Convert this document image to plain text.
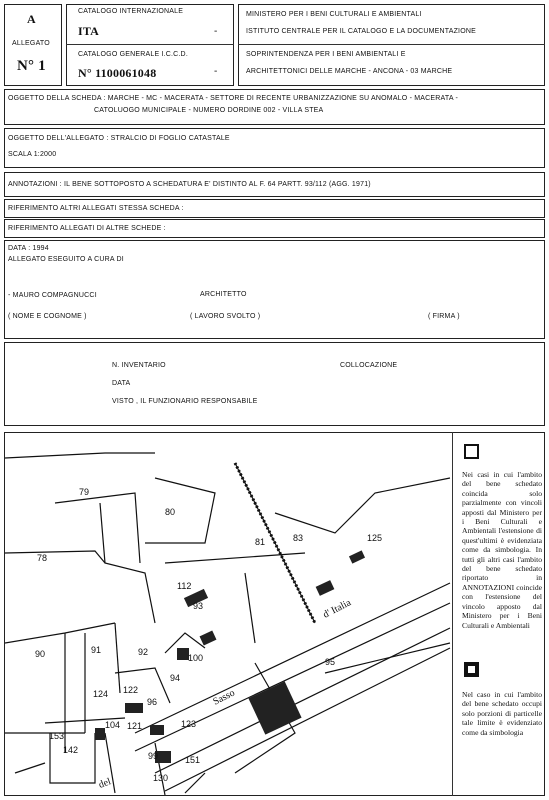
A
ALLEGATO
N° 1
CATALOGO INTERNAZIONALE
ITA	-
CATALOGO GENERALE I.C.C.D.
N° 1100061048	-
MINISTERO PER I BENI CULTURALI E AMBIENTALI
ISTITUTO CENTRALE PER IL CATALOGO E LA DOCUMENTAZIONE
SOPRINTENDENZA PER I BENI AMBIENTALI E
ARCHITETTONICI DELLE MARCHE - ANCONA - 03 MARCHE
OGGETTO DELLA SCHEDA : MARCHE - MC - MACERATA - SETTORE DI RECENTE URBANIZZAZIONE SU ANOMALO - MACERATA -
CATOLUOGO MUNICIPALE - NUMERO DORDINE 002 - VILLA STEA
OGGETTO DELL'ALLEGATO : STRALCIO DI FOGLIO CATASTALE
SCALA 1:2000
ANNOTAZIONI : IL BENE SOTTOPOSTO A SCHEDATURA E' DISTINTO AL F. 64 PARTT. 93/112 (AGG. 1971)
RIFERIMENTO ALTRI ALLEGATI STESSA SCHEDA :
RIFERIMENTO ALLEGATI DI ALTRE SCHEDE :
DATA : 1994
ALLEGATO ESEGUITO A CURA DI
- MAURO COMPAGNUCCI	ARCHITETTO
( NOME E COGNOME )	( LAVORO SVOLTO )	( FIRMA )
N. INVENTARIO	COLLOCAZIONE
DATA
VISTO , IL FUNZIONARIO RESPONSABILE
79
80
81	83	125
78
112
93
90	91	92
100	95
124 122
96
94
104 121	123
153
142
99	151
130
d' Italia
Sasso
del
Nei casi in cui l'ambito del bene schedato coincida solo parzialmente con vincoli apposti dal Ministero per i Beni Culturali e Ambientali l'estensione di quest'ultimi è evidenziata come da simbologia. In tutti gli altri casi l'ambito del bene schedato riportato in ANNOTAZIONI coincide con l'estensione del vincolo apposto dal Ministero per i Beni Culturali e Ambientali
Nel caso in cui l'ambito del bene schedato occupi solo porzioni di particelle tale limite è evidenziato come da simbologia
